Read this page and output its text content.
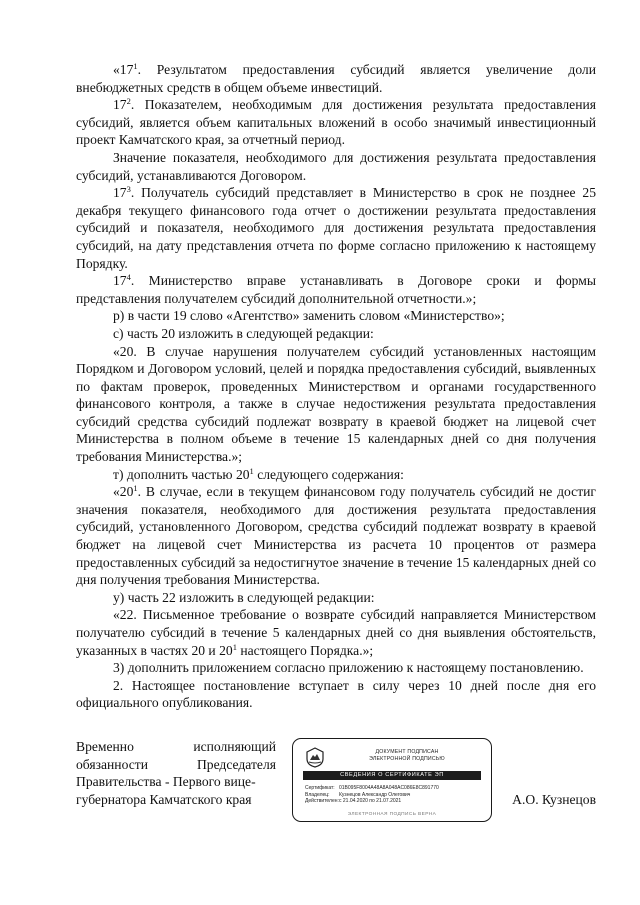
«$17^1$. Результатом предоставления субсидий является увеличение доли внебюджетных средств в общем объеме инвестиций.

$17^2$. Показателем, необходимым для достижения результата предоставления субсидий, является объем капитальных вложений в особо значимый инвестиционный проект Камчатского края, за отчетный период.

Значение показателя, необходимого для достижения результата предоставления субсидий, устанавливаются Договором.

$17^3$. Получатель субсидий представляет в Министерство в срок не позднее 25 декабря текущего финансового года отчет о достижении результата предоставления субсидий и показателя, необходимого для достижения результата предоставления субсидий, на дату представления отчета по форме согласно приложению к настоящему Порядку.

$17^4$. Министерство вправе устанавливать в Договоре сроки и формы представления получателем субсидий дополнительной отчетности.»;

р) в части 19 слово «Агентство» заменить словом «Министерство»;

с) часть 20 изложить в следующей редакции:

«20. В случае нарушения получателем субсидий установленных настоящим Порядком и Договором условий, целей и порядка предоставления субсидий, выявленных по фактам проверок, проведенных Министерством и органами государственного финансового контроля, а также в случае недостижения результата предоставления субсидий средства субсидий подлежат возврату в краевой бюджет на лицевой счет Министерства в полном объеме в течение 15 календарных дней со дня получения требования Министерства.»;

т) дополнить частью $20^1$ следующего содержания:

«$20^1$. В случае, если в текущем финансовом году получатель субсидий не достиг значения показателя, необходимого для достижения результата предоставления субсидий, установленного Договором, средства субсидий подлежат возврату в краевой бюджет на лицевой счет Министерства из расчета 10 процентов от размера предоставленных субсидий за недостигнутое значение в течение 15 календарных дней со дня получения требования Министерства.

у) часть 22 изложить в следующей редакции:

«22. Письменное требование о возврате субсидий направляется Министерством получателю субсидий в течение 5 календарных дней со дня выявления обстоятельств, указанных в частях 20 и $20^1$ настоящего Порядка.»;

3) дополнить приложением согласно приложению к настоящему постановлению.

2. Настоящее постановление вступает в силу через 10 дней после дня его официального опубликования.

Временно	исполняющий
обязанности	Председателя
Правительства - Первого вице-
губернатора Камчатского края	А.О. Кузнецов
ДОКУМЕНТ ПОДПИСАН
ЭЛЕКТРОННОЙ ПОДПИСЬЮ
СВЕДЕНИЯ О СЕРТИФИКАТЕ ЭП
Сертификат: 01B095F8004A48A8A048AC086E8C891770
Владелец:	Кузнецов Александр Олегович
Действителен: с 21.04.2020 по 21.07.2021
ЭЛЕКТРОННАЯ ПОДПИСЬ ВЕРНА
